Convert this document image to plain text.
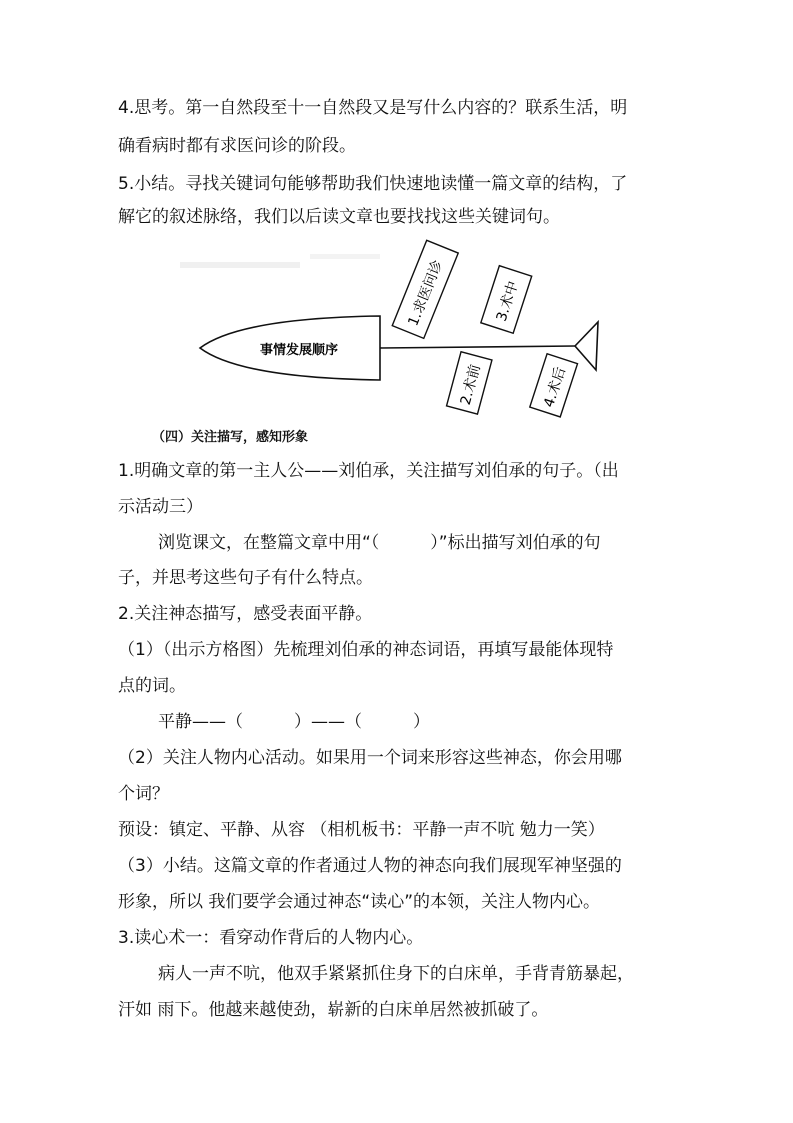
4.思考。第一自然段至十一自然段又是写什么内容的？联系生活，明
确看病时都有求医问诊的阶段。
5.小结。寻找关键词句能够帮助我们快速地读懂一篇文章的结构，了
解它的叙述脉络，我们以后读文章也要找找这些关键词句。
事情发展顺序
1.求医问诊	3.术中
2.术前	4.术后
（四）关注描写，感知形象
1.明确文章的第一主人公——刘伯承，关注描写刘伯承的句子。（出
示活动三）
浏览课文，在整篇文章中用“（　　　）”标出描写刘伯承的句
子，并思考这些句子有什么特点。
2.关注神态描写，感受表面平静。
（1）（出示方格图）先梳理刘伯承的神态词语，再填写最能体现特
点的词。
平静——（　　　）——（　　　）
（2）关注人物内心活动。如果用一个词来形容这些神态，你会用哪
个词？
预设：镇定、平静、从容 （相机板书：平静一声不吭 勉力一笑）
（3）小结。这篇文章的作者通过人物的神态向我们展现军神坚强的
形象，所以 我们要学会通过神态“读心”的本领，关注人物内心。
3.读心术一：看穿动作背后的人物内心。
病人一声不吭，他双手紧紧抓住身下的白床单，手背青筋暴起，
汗如 雨下。他越来越使劲，崭新的白床单居然被抓破了。
